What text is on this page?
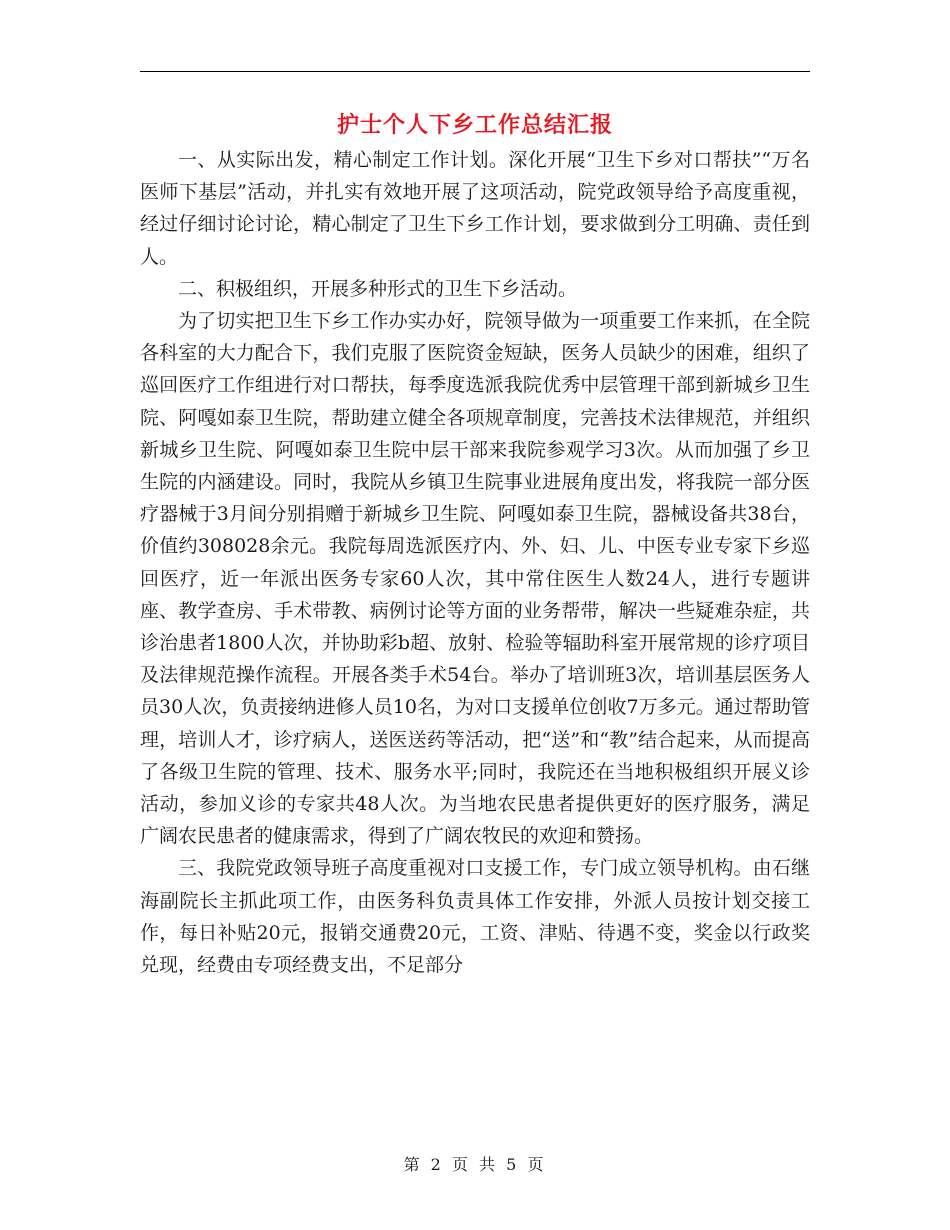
护士个人下乡工作总结汇报

一、从实际出发，精心制定工作计划。深化开展“卫生下乡对口帮扶”“万名医师下基层”活动，并扎实有效地开展了这项活动，院党政领导给予高度重视，经过仔细讨论讨论，精心制定了卫生下乡工作计划，要求做到分工明确、责任到人。

二、积极组织，开展多种形式的卫生下乡活动。

为了切实把卫生下乡工作办实办好，院领导做为一项重要工作来抓，在全院各科室的大力配合下，我们克服了医院资金短缺，医务人员缺少的困难，组织了巡回医疗工作组进行对口帮扶，每季度选派我院优秀中层管理干部到新城乡卫生院、阿嘎如泰卫生院，帮助建立健全各项规章制度，完善技术法律规范，并组织新城乡卫生院、阿嘎如泰卫生院中层干部来我院参观学习3次。从而加强了乡卫生院的内涵建设。同时，我院从乡镇卫生院事业进展角度出发，将我院一部分医疗器械于3月间分别捐赠于新城乡卫生院、阿嘎如泰卫生院，器械设备共38台，价值约308028余元。我院每周选派医疗内、外、妇、儿、中医专业专家下乡巡回医疗，近一年派出医务专家60人次，其中常住医生人数24人，进行专题讲座、教学查房、手术带教、病例讨论等方面的业务帮带，解决一些疑难杂症，共诊治患者1800人次，并协助彩b超、放射、检验等辐助科室开展常规的诊疗项目及法律规范操作流程。开展各类手术54台。举办了培训班3次，培训基层医务人员30人次，负责接纳进修人员10名，为对口支援单位创收7万多元。通过帮助管理，培训人才，诊疗病人，送医送药等活动，把“送”和“教”结合起来，从而提高了各级卫生院的管理、技术、服务水平;同时，我院还在当地积极组织开展义诊活动，参加义诊的专家共48人次。为当地农民患者提供更好的医疗服务，满足广阔农民患者的健康需求，得到了广阔农牧民的欢迎和赞扬。

三、我院党政领导班子高度重视对口支援工作，专门成立领导机构。由石继海副院长主抓此项工作，由医务科负责具体工作安排，外派人员按计划交接工作，每日补贴20元，报销交通费20元，工资、津贴、待遇不变，奖金以行政奖兑现，经费由专项经费支出，不足部分

第 2 页 共 5 页
